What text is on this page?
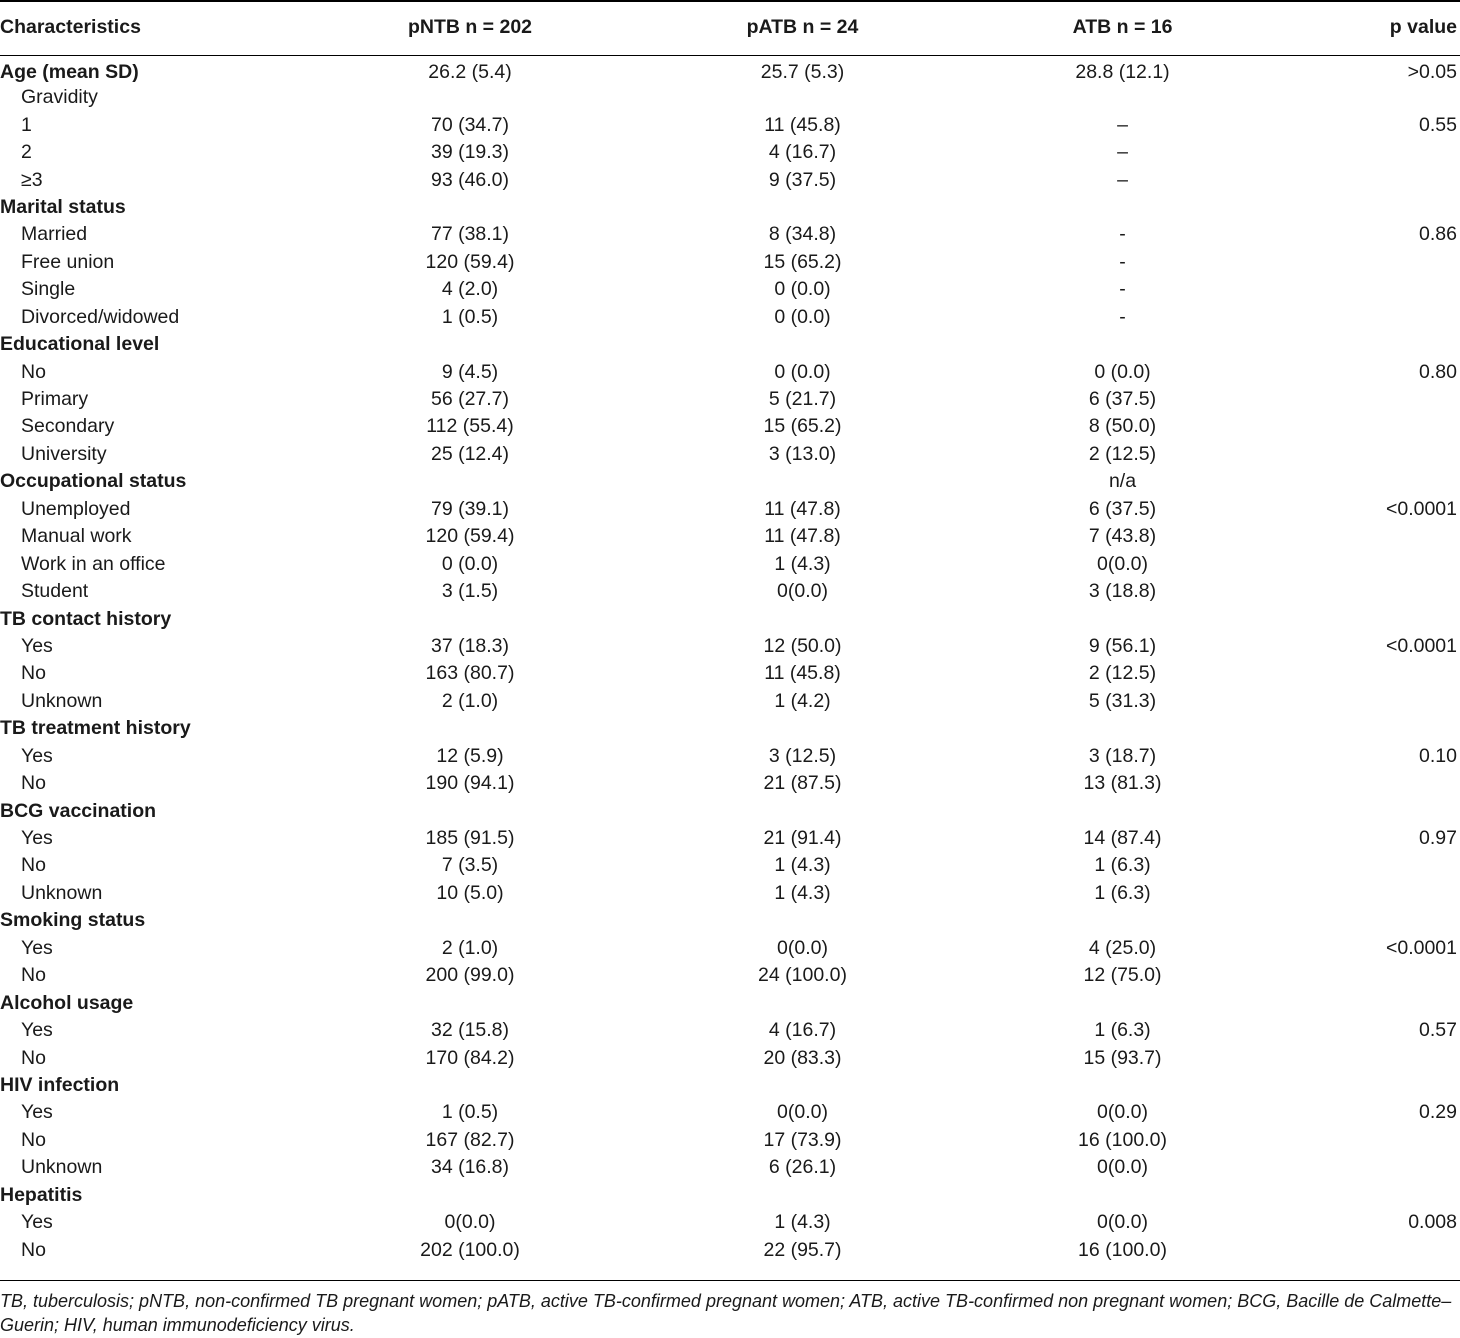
Characteristics	pNTB n = 202	pATB n = 24	ATB n = 16	p value
Age (mean SD)	26.2 (5.4)	25.7 (5.3)	28.8 (12.1)	>0.05
Gravidity				
1	70 (34.7)	11 (45.8)	–	0.55
2	39 (19.3)	4 (16.7)	–	
≥3	93 (46.0)	9 (37.5)	–	
Marital status				
Married	77 (38.1)	8 (34.8)	-	0.86
Free union	120 (59.4)	15 (65.2)	-	
Single	4 (2.0)	0 (0.0)	-	
Divorced/widowed	1 (0.5)	0 (0.0)	-	
Educational level				
No	9 (4.5)	0 (0.0)	0 (0.0)	0.80
Primary	56 (27.7)	5 (21.7)	6 (37.5)	
Secondary	112 (55.4)	15 (65.2)	8 (50.0)	
University	25 (12.4)	3 (13.0)	2 (12.5)	
Occupational status			n/a	
Unemployed	79 (39.1)	11 (47.8)	6 (37.5)	<0.0001
Manual work	120 (59.4)	11 (47.8)	7 (43.8)	
Work in an office	0 (0.0)	1 (4.3)	0(0.0)	
Student	3 (1.5)	0(0.0)	3 (18.8)	
TB contact history				
Yes	37 (18.3)	12 (50.0)	9 (56.1)	<0.0001
No	163 (80.7)	11 (45.8)	2 (12.5)	
Unknown	2 (1.0)	1 (4.2)	5 (31.3)	
TB treatment history				
Yes	12 (5.9)	3 (12.5)	3 (18.7)	0.10
No	190 (94.1)	21 (87.5)	13 (81.3)	
BCG vaccination				
Yes	185 (91.5)	21 (91.4)	14 (87.4)	0.97
No	7 (3.5)	1 (4.3)	1 (6.3)	
Unknown	10 (5.0)	1 (4.3)	1 (6.3)	
Smoking status				
Yes	2 (1.0)	0(0.0)	4 (25.0)	<0.0001
No	200 (99.0)	24 (100.0)	12 (75.0)	
Alcohol usage				
Yes	32 (15.8)	4 (16.7)	1 (6.3)	0.57
No	170 (84.2)	20 (83.3)	15 (93.7)	
HIV infection				
Yes	1 (0.5)	0(0.0)	0(0.0)	0.29
No	167 (82.7)	17 (73.9)	16 (100.0)	
Unknown	34 (16.8)	6 (26.1)	0(0.0)	
Hepatitis				
Yes	0(0.0)	1 (4.3)	0(0.0)	0.008
No	202 (100.0)	22 (95.7)	16 (100.0)	
TB, tuberculosis; pNTB, non-confirmed TB pregnant women; pATB, active TB-confirmed pregnant women; ATB, active TB-confirmed non pregnant women; BCG, Bacille de Calmette–Guerin; HIV, human immunodeficiency virus.
